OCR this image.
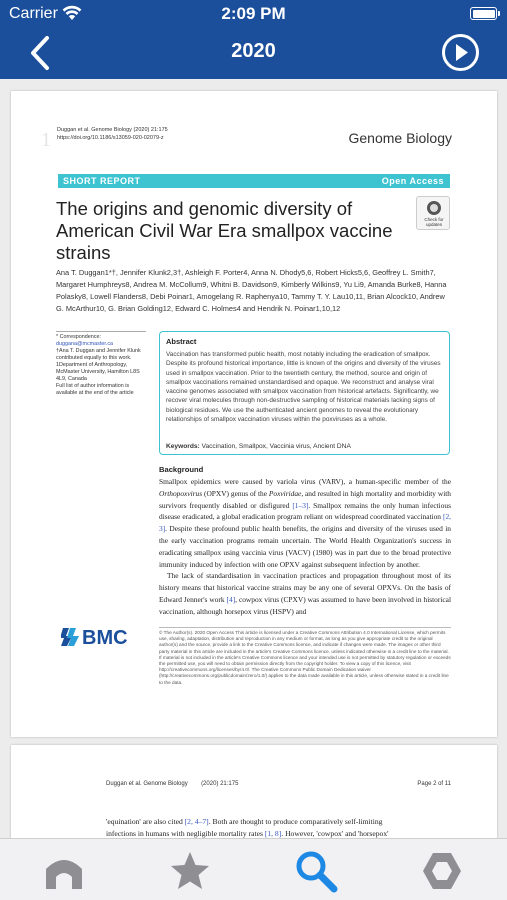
Carrier	2:09 PM
2020
1 Duggan et al. Genome Biology (2020) 21:175
https://doi.org/10.1186/s13059-020-02079-z	Genome Biology
SHORT REPORT	Open Access
The origins and genomic diversity of American Civil War Era smallpox vaccine strains
Check for updates
Ana T. Duggan1*†, Jennifer Klunk2,3†, Ashleigh F. Porter4, Anna N. Dhody5,6, Robert Hicks5,6, Geoffrey L. Smith7, Margaret Humphreys8, Andrea M. McCollum9, Whitni B. Davidson9, Kimberly Wilkins9, Yu Li9, Amanda Burke8, Hanna Polasky8, Lowell Flanders8, Debi Poinar1, Amogelang R. Raphenya10, Tammy T. Y. Lau10,11, Brian Alcock10, Andrew G. McArthur10, G. Brian Golding12, Edward C. Holmes4 and Hendrik N. Poinar1,10,12
* Correspondence: duggana@mcmaster.ca
†Ana T. Duggan and Jennifer Klunk contributed equally to this work.
1Department of Anthropology, McMaster University, Hamilton L8S 4L9, Canada
Full list of author information is available at the end of the article
Abstract
Vaccination has transformed public health, most notably including the eradication of smallpox. Despite its profound historical importance, little is known of the origins and diversity of the viruses used in smallpox vaccination. Prior to the twentieth century, the method, source and origin of smallpox vaccinations remained unstandardised and opaque. We reconstruct and analyse viral vaccine genomes associated with smallpox vaccination from historical artefacts. Significantly, we recover viral molecules through non-destructive sampling of historical materials lacking signs of biological residues. We use the authenticated ancient genomes to reveal the evolutionary relationships of smallpox vaccination viruses within the poxviruses as a whole.
Keywords: Vaccination, Smallpox, Vaccinia virus, Ancient DNA
Background

Smallpox epidemics were caused by variola virus (VARV), a human-specific member of the Orthopoxvirus (OPXV) genus of the Poxviridae, and resulted in high mortality and morbidity with survivors frequently disabled or disfigured [1–3]. Smallpox remains the only human infectious disease eradicated, a global eradication program reliant on widespread coordinated vaccination [2, 3]. Despite these profound public health benefits, the origins and diversity of the viruses used in the early vaccination programs remain uncertain. The World Health Organization's success in eradicating smallpox using vaccinia virus (VACV) (1980) was in part due to the broad protective immunity induced by infection with one OPXV against subsequent infection by another.

The lack of standardisation in vaccination practices and propagation throughout most of its history means that historical vaccine strains may be any one of several OPXVs. On the basis of Edward Jenner's work [4], cowpox virus (CPXV) was assumed to have been involved in historical vaccination, although horsepox virus (HSPV) and

BMC	© The Author(s). 2020 Open Access This article is licensed under a Creative Commons Attribution 4.0 International License, which permits use, sharing, adaptation, distribution and reproduction in any medium or format, as long as you give appropriate credit to the original author(s) and the source, provide a link to the Creative Commons licence, and indicate if changes were made. The images or other third party material in this article are included in the article's Creative Commons licence, unless indicated otherwise in a credit line to the material. If material is not included in the article's Creative Commons licence and your intended use is not permitted by statutory regulation or exceeds the permitted use, you will need to obtain permission directly from the copyright holder. To view a copy of this licence, visit http://creativecommons.org/licenses/by/4.0/. The Creative Commons Public Domain Dedication waiver (http://creativecommons.org/publicdomain/zero/1.0/) applies to the data made available in this article, unless otherwise stated in a credit line to the data.
Duggan et al. Genome Biology (2020) 21:175	Page 2 of 11
'equination' are also cited [2, 4–7]. Both are thought to produce comparatively self-limiting
infections in humans with negligible mortality rates [1, 8]. However, 'cowpox' and 'horsepox'
